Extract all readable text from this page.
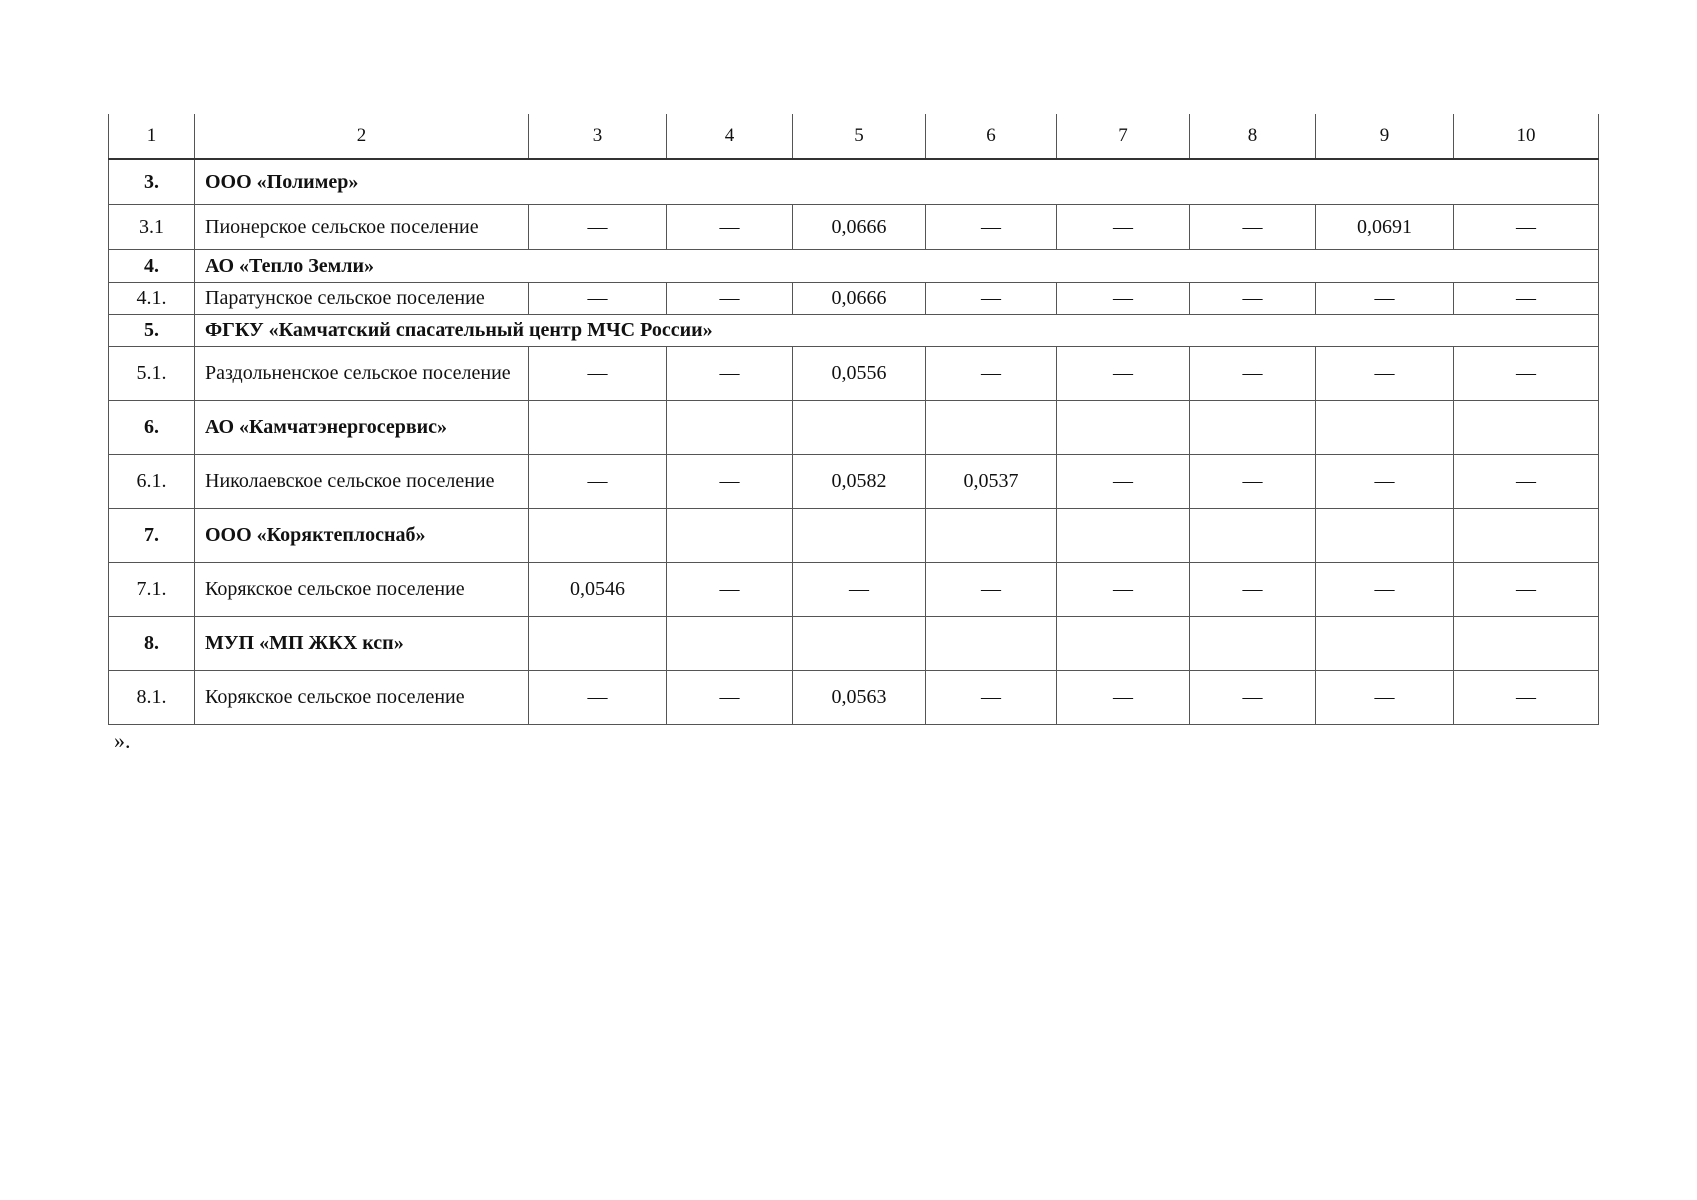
1	2	3	4	5	6	7	8	9	10
3.	ООО «Полимер»								
3.1	Пионерское сельское поселение	—	—	0,0666	—	—	—	0,0691	—
4.	АО «Тепло Земли»								
4.1.	Паратунское сельское поселение	—	—	0,0666	—	—	—	—	—
5.	ФГКУ «Камчатский спасательный центр МЧС России»								
5.1.	Раздольненское сельское поселение	—	—	0,0556	—	—	—	—	—
6.	АО «Камчатэнергосервис»								
6.1.	Николаевское сельское поселение	—	—	0,0582	0,0537	—	—	—	—
7.	ООО «Коряктеплоснаб»								
7.1.	Корякское сельское поселение	0,0546	—	—	—	—	—	—	—
8.	МУП «МП ЖКХ ксп»								
8.1.	Корякское сельское поселение	—	—	0,0563	—	—	—	—	—
».
